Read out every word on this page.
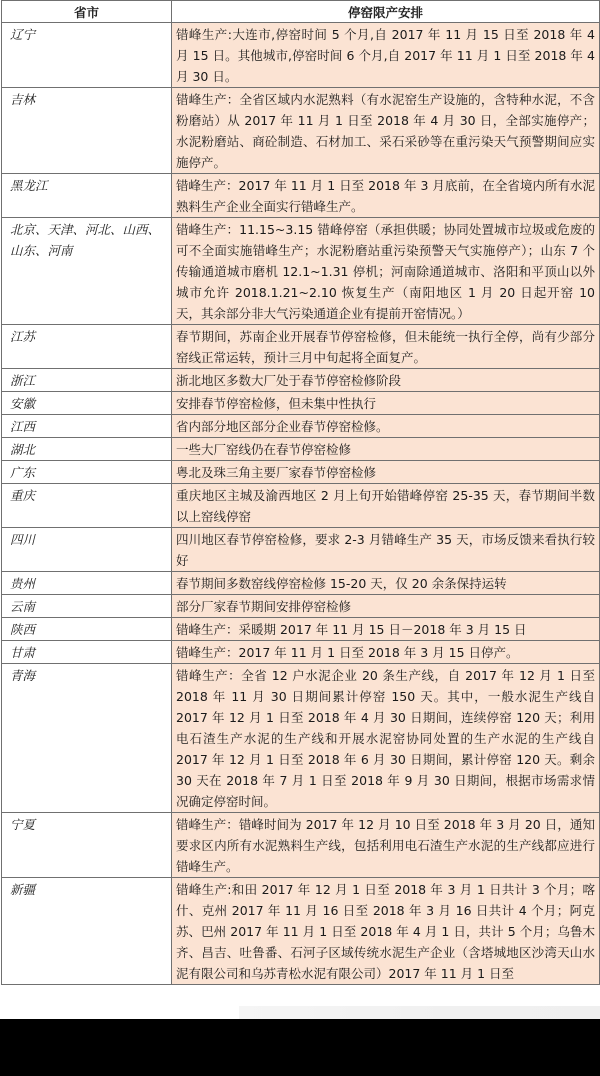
省市	停窑限产安排
辽宁	错峰生产:大连市,停窑时间 5 个月,自 2017 年 11 月 15 日至 2018 年 4 月 15 日。其他城市,停窑时间 6 个月,自 2017 年 11 月 1 日至 2018 年 4 月 30 日。
吉林	错峰生产：全省区域内水泥熟料（有水泥窑生产设施的，含特种水泥，不含粉磨站）从 2017 年 11 月 1 日至 2018 年 4 月 30 日，全部实施停产；水泥粉磨站、商砼制造、石材加工、采石采砂等在重污染天气预警期间应实施停产。
黑龙江	错峰生产：2017 年 11 月 1 日至 2018 年 3 月底前，在全省境内所有水泥熟料生产企业全面实行错峰生产。
北京、天津、河北、山西、山东、河南	错峰生产：11.15~3.15 错峰停窑（承担供暖；协同处置城市垃圾或危废的可不全面实施错峰生产；水泥粉磨站重污染预警天气实施停产）；山东 7 个传输通道城市磨机 12.1~1.31 停机；河南除通道城市、洛阳和平顶山以外城市允许 2018.1.21~2.10 恢复生产（南阳地区 1 月 20 日起开窑 10 天，其余部分非大气污染通道企业有提前开窑情况。）
江苏	春节期间，苏南企业开展春节停窑检修，但未能统一执行全停，尚有少部分窑线正常运转，预计三月中旬起将全面复产。
浙江	浙北地区多数大厂处于春节停窑检修阶段
安徽	安排春节停窑检修，但未集中性执行
江西	省内部分地区部分企业春节停窑检修。
湖北	一些大厂窑线仍在春节停窑检修
广东	粤北及珠三角主要厂家春节停窑检修
重庆	重庆地区主城及渝西地区 2 月上旬开始错峰停窑 25-35 天，春节期间半数以上窑线停窑
四川	四川地区春节停窑检修，要求 2-3 月错峰生产 35 天，市场反馈来看执行较好
贵州	春节期间多数窑线停窑检修 15-20 天，仅 20 余条保持运转
云南	部分厂家春节期间安排停窑检修
陕西	错峰生产：采暖期 2017 年 11 月 15 日－2018 年 3 月 15 日
甘肃	错峰生产：2017 年 11 月 1 日至 2018 年 3 月 15 日停产。
青海	错峰生产：全省 12 户水泥企业 20 条生产线，自 2017 年 12 月 1 日至 2018 年 11 月 30 日期间累计停窑 150 天。其中，一般水泥生产线自 2017 年 12 月 1 日至 2018 年 4 月 30 日期间，连续停窑 120 天；利用电石渣生产水泥的生产线和开展水泥窑协同处置的生产水泥的生产线自 2017 年 12 月 1 日至 2018 年 6 月 30 日期间，累计停窑 120 天。剩余 30 天在 2018 年 7 月 1 日至 2018 年 9 月 30 日期间，根据市场需求情况确定停窑时间。
宁夏	错峰生产：错峰时间为 2017 年 12 月 10 日至 2018 年 3 月 20 日，通知要求区内所有水泥熟料生产线，包括利用电石渣生产水泥的生产线都应进行错峰生产。
新疆	错峰生产:和田 2017 年 12 月 1 日至 2018 年 3 月 1 日共计 3 个月；喀什、克州 2017 年 11 月 16 日至 2018 年 3 月 16 日共计 4 个月；阿克苏、巴州 2017 年 11 月 1 日至 2018 年 4 月 1 日，共计 5 个月；乌鲁木齐、昌吉、吐鲁番、石河子区域传统水泥生产企业（含塔城地区沙湾天山水泥有限公司和乌苏青松水泥有限公司）2017 年 11 月 1 日至
